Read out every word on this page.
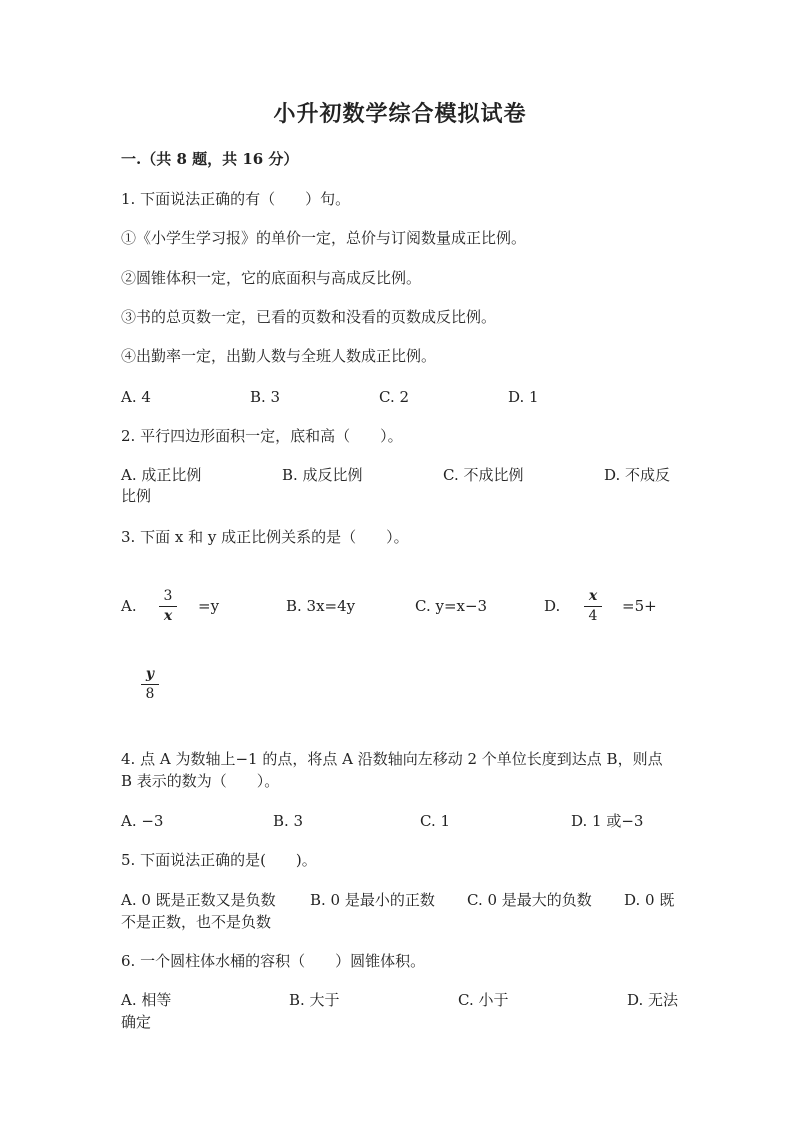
小升初数学综合模拟试卷
一.（共 8 题，共 16 分）
1. 下面说法正确的有（　　）句。
①《小学生学习报》的单价一定，总价与订阅数量成正比例。
②圆锥体积一定，它的底面积与高成反比例。
③书的总页数一定，已看的页数和没看的页数成反比例。
④出勤率一定，出勤人数与全班人数成正比例。
A. 4	B. 3	C. 2	D. 1
2. 平行四边形面积一定，底和高（　　）。
A. 成正比例	B. 成反比例	C. 不成比例	D. 不成反
比例
3. 下面 x 和 y 成正比例关系的是（　　）。
A.
3
x
=y	B. 3x=4y	C. y=x−3	D.
x
4
=5+
y
8
4. 点 A 为数轴上−1 的点，将点 A 沿数轴向左移动 2 个单位长度到达点 B，则点
B 表示的数为（　　）。
A. −3	B. 3	C. 1	D. 1 或−3
5. 下面说法正确的是(　　)。
A. 0 既是正数又是负数 B. 0 是最小的正数 C. 0 是最大的负数 D. 0 既
不是正数，也不是负数
6. 一个圆柱体水桶的容积（　　）圆锥体积。
A. 相等	B. 大于	C. 小于	D. 无法
确定
